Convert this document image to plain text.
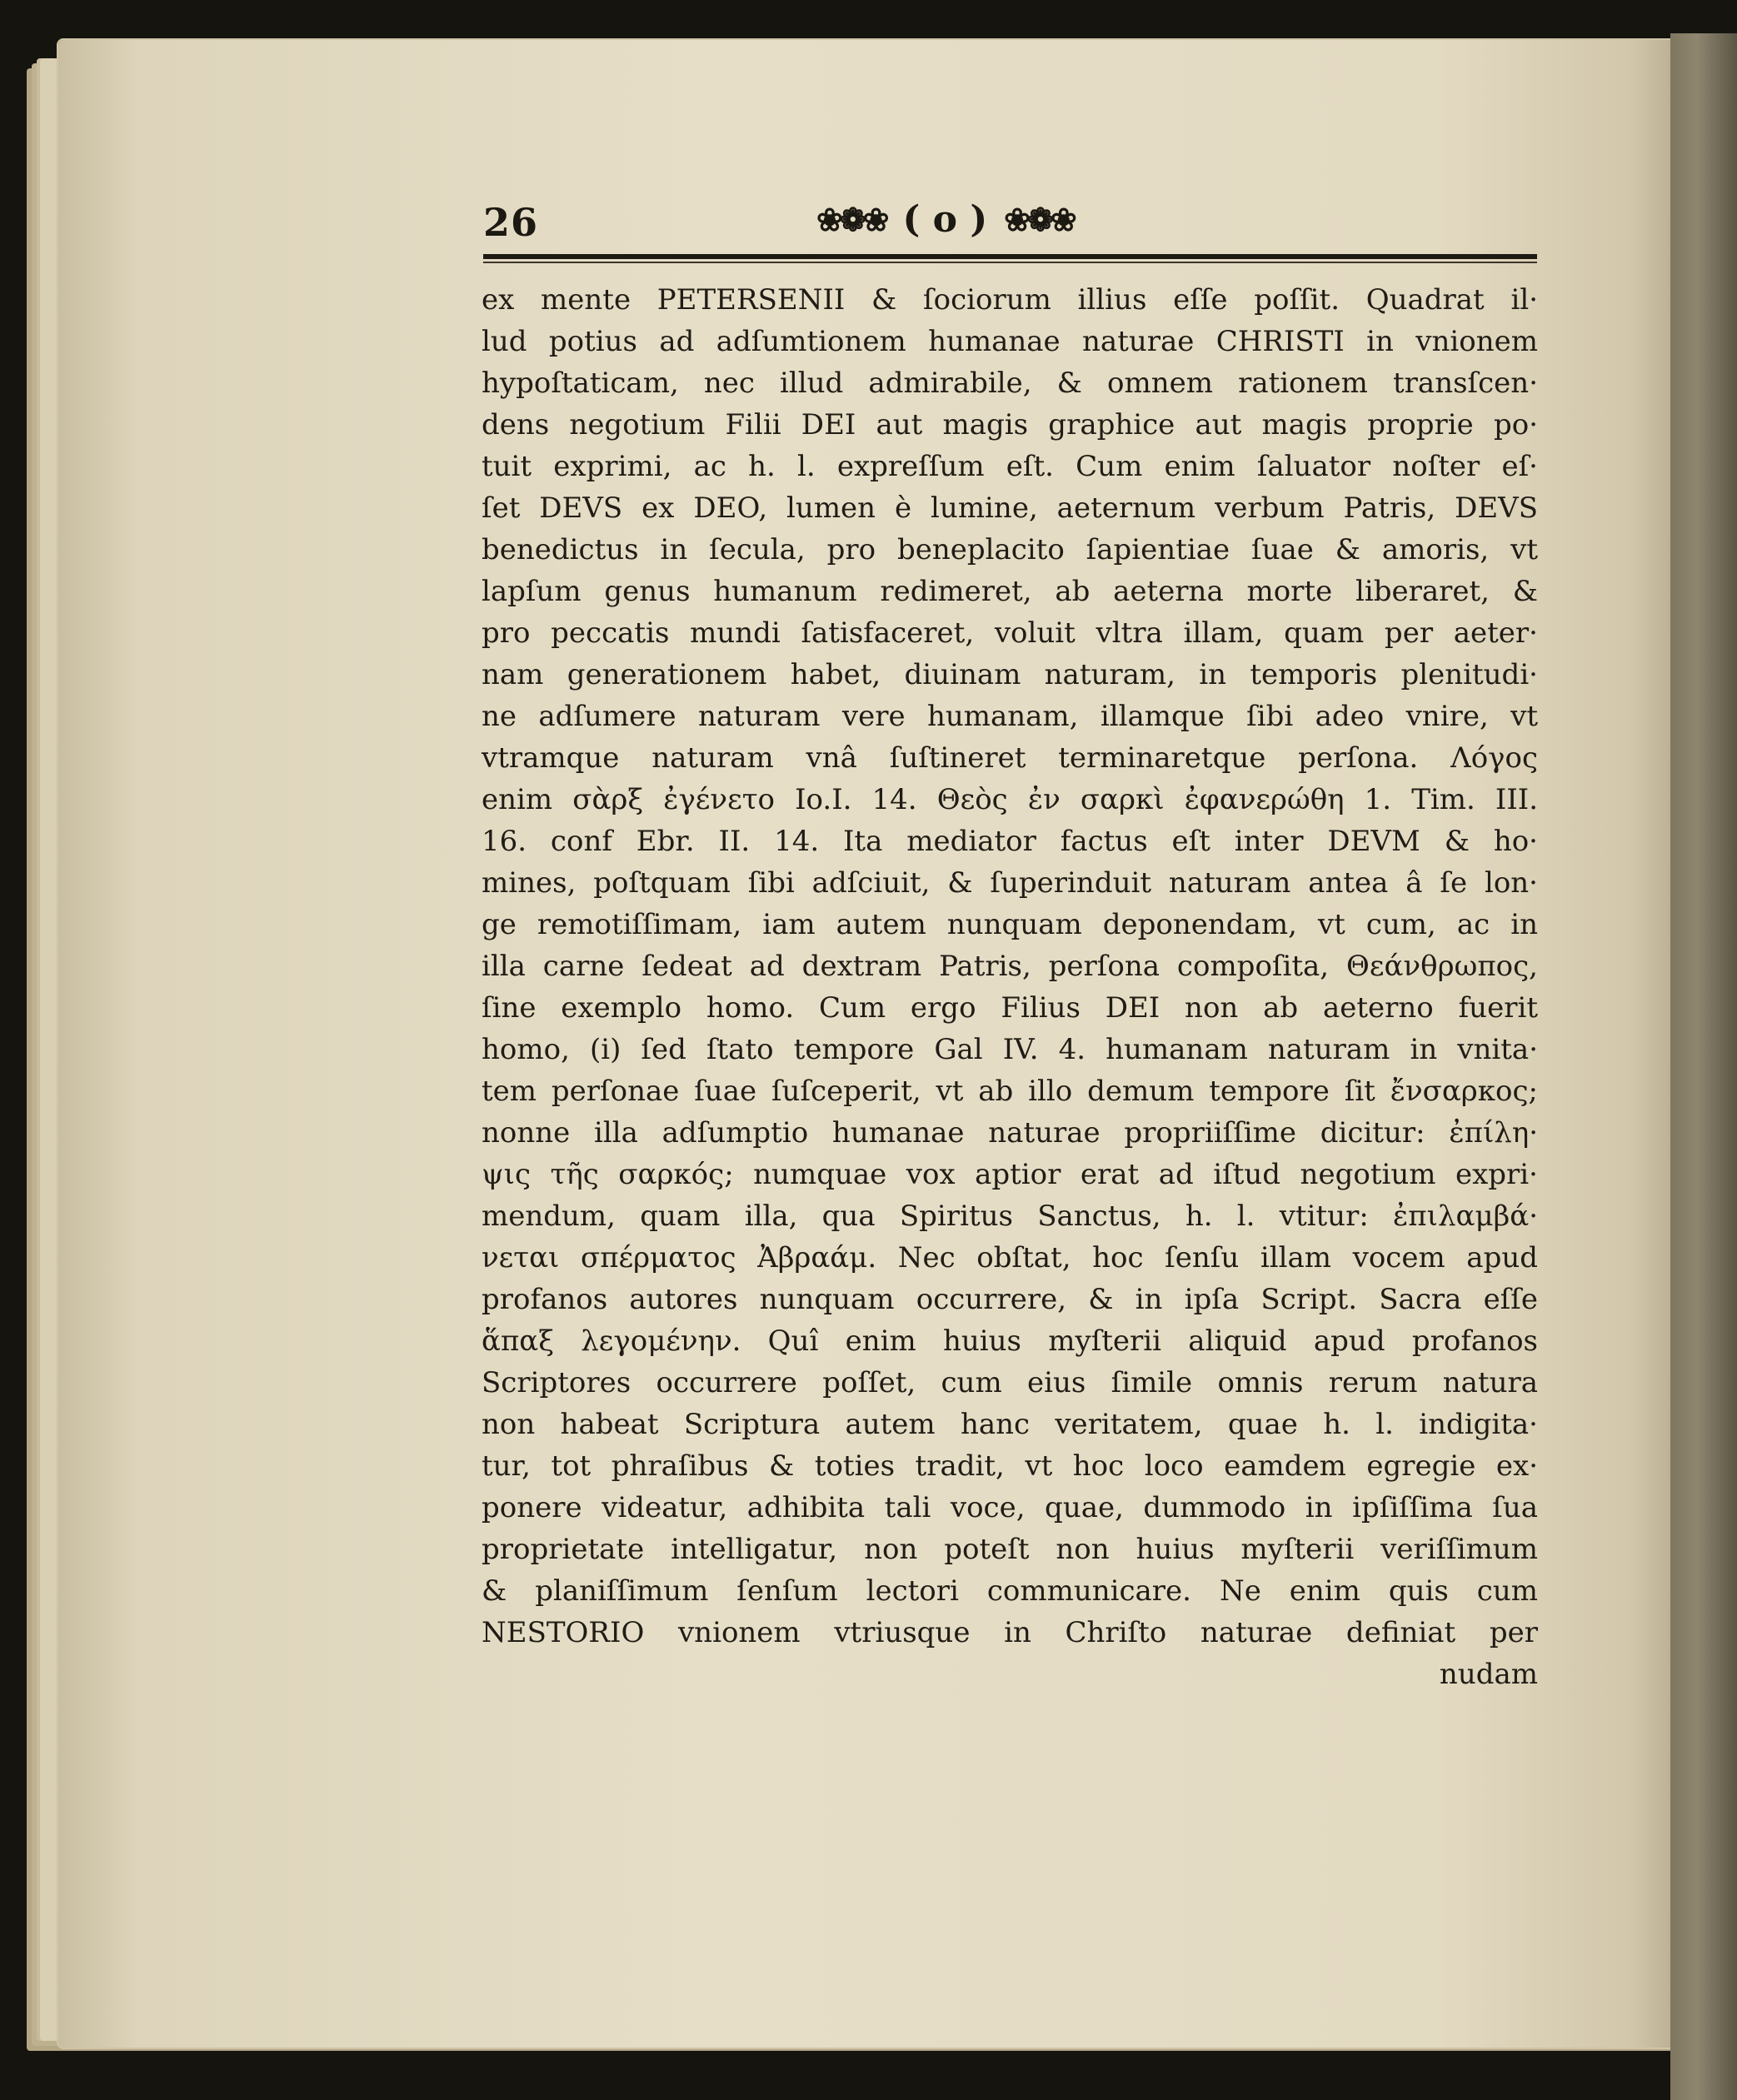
26	❀❁❀ ( o ) ❀❁❀
ex mente PETERSENII & ſociorum illius eſſe poſſit. Quadrat il·
lud potius ad adſumtionem humanae naturae CHRISTI in vnionem
hypoſtaticam, nec illud admirabile, & omnem rationem transſcen·
dens negotium Filii DEI aut magis graphice aut magis proprie po·
tuit exprimi, ac h. l. expreſſum eſt. Cum enim ſaluator noſter eſ·
ſet DEVS ex DEO, lumen è lumine, aeternum verbum Patris, DEVS
benedictus in ſecula, pro beneplacito ſapientiae ſuae & amoris, vt
lapſum genus humanum redimeret, ab aeterna morte liberaret, &
pro peccatis mundi ſatisfaceret, voluit vltra illam, quam per aeter·
nam generationem habet, diuinam naturam, in temporis plenitudi·
ne adſumere naturam vere humanam, illamque ſibi adeo vnire, vt
vtramque naturam vnâ ſuſtineret terminaretque perſona. Λόγος
enim σὰρξ ἐγένετο Io.I. 14. Θεὸς ἐν σαρκὶ ἐφανερώθη 1. Tim. III.
16. conf Ebr. II. 14. Ita mediator factus eſt inter DEVM & ho·
mines, poſtquam ſibi adſciuit, & ſuperinduit naturam antea â ſe lon·
ge remotiſſimam, iam autem nunquam deponendam, vt cum, ac in
illa carne ſedeat ad dextram Patris, perſona compoſita, Θεάνθρωπος,
ſine exemplo homo. Cum ergo Filius DEI non ab aeterno fuerit
homo, (i) ſed ſtato tempore Gal IV. 4. humanam naturam in vnita·
tem perſonae ſuae ſuſceperit, vt ab illo demum tempore ſit ἔνσαρκος;
nonne illa adſumptio humanae naturae propriiſſime dicitur: ἐπίλη·
ψις τῆς σαρκός; numquae vox aptior erat ad iſtud negotium expri·
mendum, quam illa, qua Spiritus Sanctus, h. l. vtitur: ἐπιλαμβά·
νεται σπέρματος Ἀβραάμ. Nec obſtat, hoc ſenſu illam vocem apud
profanos autores nunquam occurrere, & in ipſa Script. Sacra eſſe
ἅπαξ λεγομένην. Quî enim huius myſterii aliquid apud profanos
Scriptores occurrere poſſet, cum eius ſimile omnis rerum natura
non habeat Scriptura autem hanc veritatem, quae h. l. indigita·
tur, tot phraſibus & toties tradit, vt hoc loco eamdem egregie ex·
ponere videatur, adhibita tali voce, quae, dummodo in ipſiſſima ſua
proprietate intelligatur, non poteſt non huius myſterii veriſſimum
& planiſſimum ſenſum lectori communicare. Ne enim quis cum
NESTORIO vnionem vtriusque in Chriſto naturae definiat per
nudam
